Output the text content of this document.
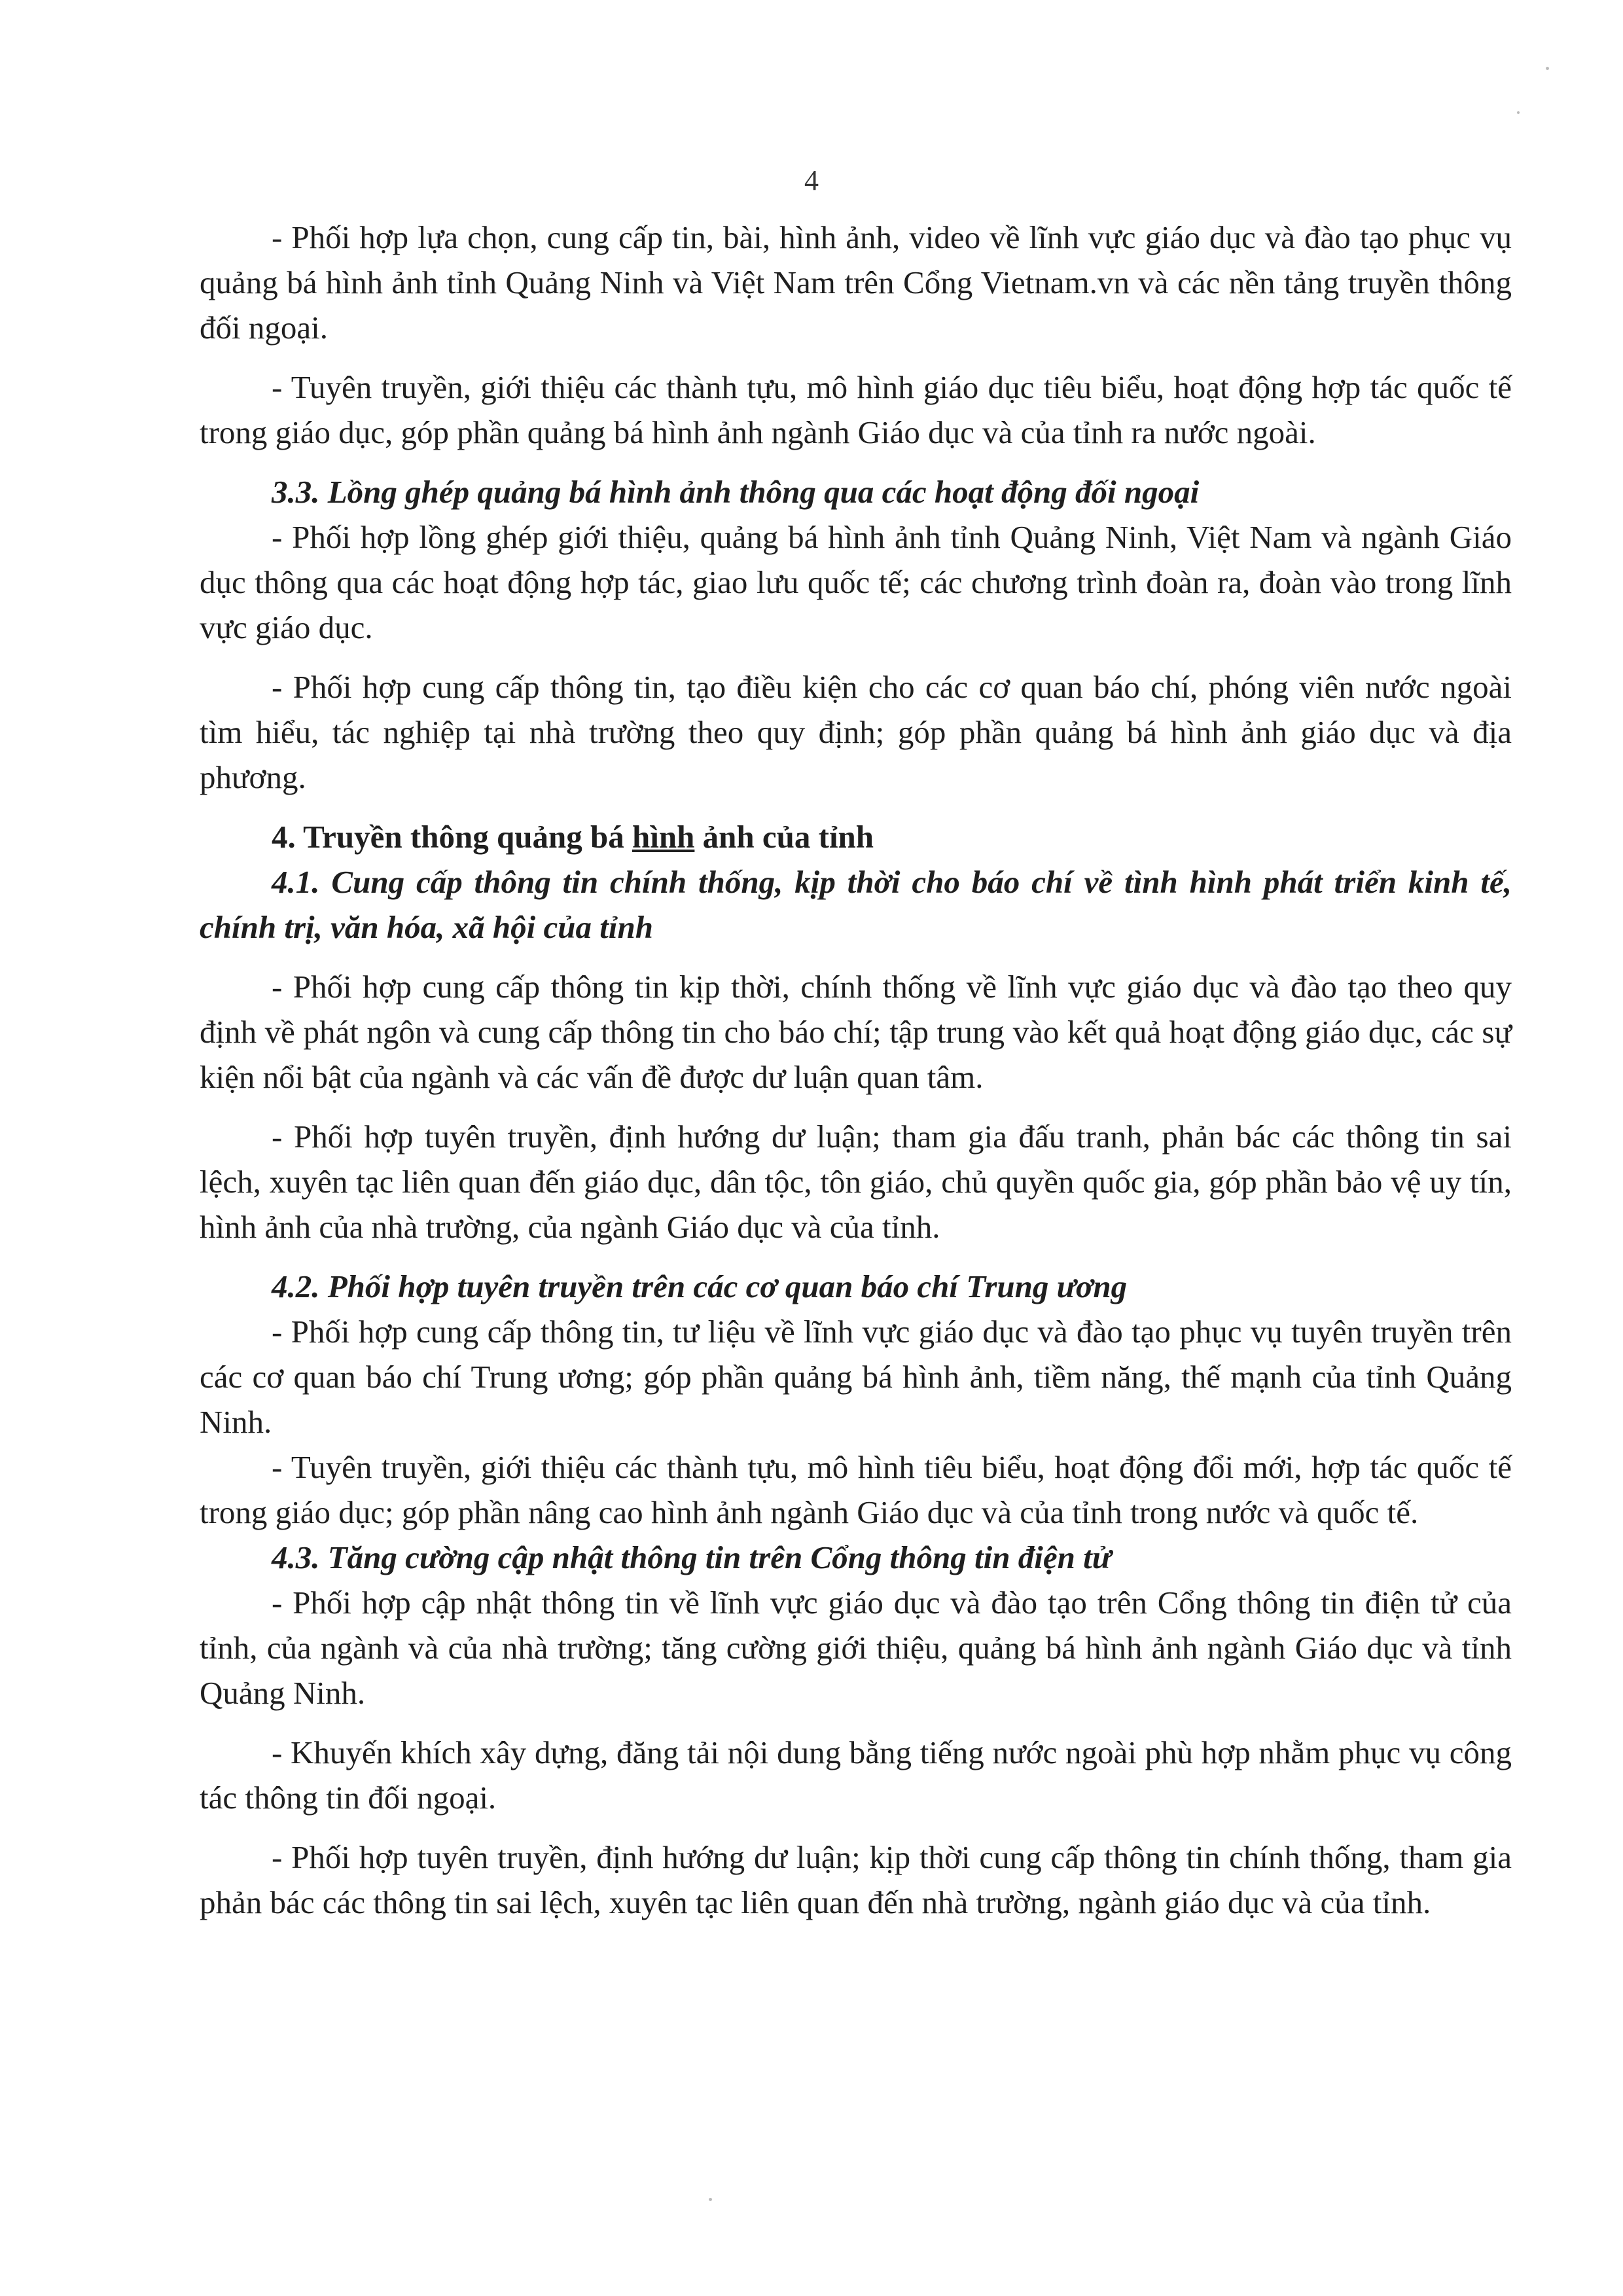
4

- Phối hợp lựa chọn, cung cấp tin, bài, hình ảnh, video về lĩnh vực giáo dục và đào tạo phục vụ quảng bá hình ảnh tỉnh Quảng Ninh và Việt Nam trên Cổng Vietnam.vn và các nền tảng truyền thông đối ngoại.

- Tuyên truyền, giới thiệu các thành tựu, mô hình giáo dục tiêu biểu, hoạt động hợp tác quốc tế trong giáo dục, góp phần quảng bá hình ảnh ngành Giáo dục và của tỉnh ra nước ngoài.

3.3. Lồng ghép quảng bá hình ảnh thông qua các hoạt động đối ngoại

- Phối hợp lồng ghép giới thiệu, quảng bá hình ảnh tỉnh Quảng Ninh, Việt Nam và ngành Giáo dục thông qua các hoạt động hợp tác, giao lưu quốc tế; các chương trình đoàn ra, đoàn vào trong lĩnh vực giáo dục.

- Phối hợp cung cấp thông tin, tạo điều kiện cho các cơ quan báo chí, phóng viên nước ngoài tìm hiểu, tác nghiệp tại nhà trường theo quy định; góp phần quảng bá hình ảnh giáo dục và địa phương.

4. Truyền thông quảng bá hình ảnh của tỉnh

4.1. Cung cấp thông tin chính thống, kịp thời cho báo chí về tình hình phát triển kinh tế, chính trị, văn hóa, xã hội của tỉnh

- Phối hợp cung cấp thông tin kịp thời, chính thống về lĩnh vực giáo dục và đào tạo theo quy định về phát ngôn và cung cấp thông tin cho báo chí; tập trung vào kết quả hoạt động giáo dục, các sự kiện nổi bật của ngành và các vấn đề được dư luận quan tâm.

- Phối hợp tuyên truyền, định hướng dư luận; tham gia đấu tranh, phản bác các thông tin sai lệch, xuyên tạc liên quan đến giáo dục, dân tộc, tôn giáo, chủ quyền quốc gia, góp phần bảo vệ uy tín, hình ảnh của nhà trường, của ngành Giáo dục và của tỉnh.

4.2. Phối hợp tuyên truyền trên các cơ quan báo chí Trung ương

- Phối hợp cung cấp thông tin, tư liệu về lĩnh vực giáo dục và đào tạo phục vụ tuyên truyền trên các cơ quan báo chí Trung ương; góp phần quảng bá hình ảnh, tiềm năng, thế mạnh của tỉnh Quảng Ninh.

- Tuyên truyền, giới thiệu các thành tựu, mô hình tiêu biểu, hoạt động đổi mới, hợp tác quốc tế trong giáo dục; góp phần nâng cao hình ảnh ngành Giáo dục và của tỉnh trong nước và quốc tế.

4.3. Tăng cường cập nhật thông tin trên Cổng thông tin điện tử

- Phối hợp cập nhật thông tin về lĩnh vực giáo dục và đào tạo trên Cổng thông tin điện tử của tỉnh, của ngành và của nhà trường; tăng cường giới thiệu, quảng bá hình ảnh ngành Giáo dục và tỉnh Quảng Ninh.

- Khuyến khích xây dựng, đăng tải nội dung bằng tiếng nước ngoài phù hợp nhằm phục vụ công tác thông tin đối ngoại.

- Phối hợp tuyên truyền, định hướng dư luận; kịp thời cung cấp thông tin chính thống, tham gia phản bác các thông tin sai lệch, xuyên tạc liên quan đến nhà trường, ngành giáo dục và của tỉnh.
